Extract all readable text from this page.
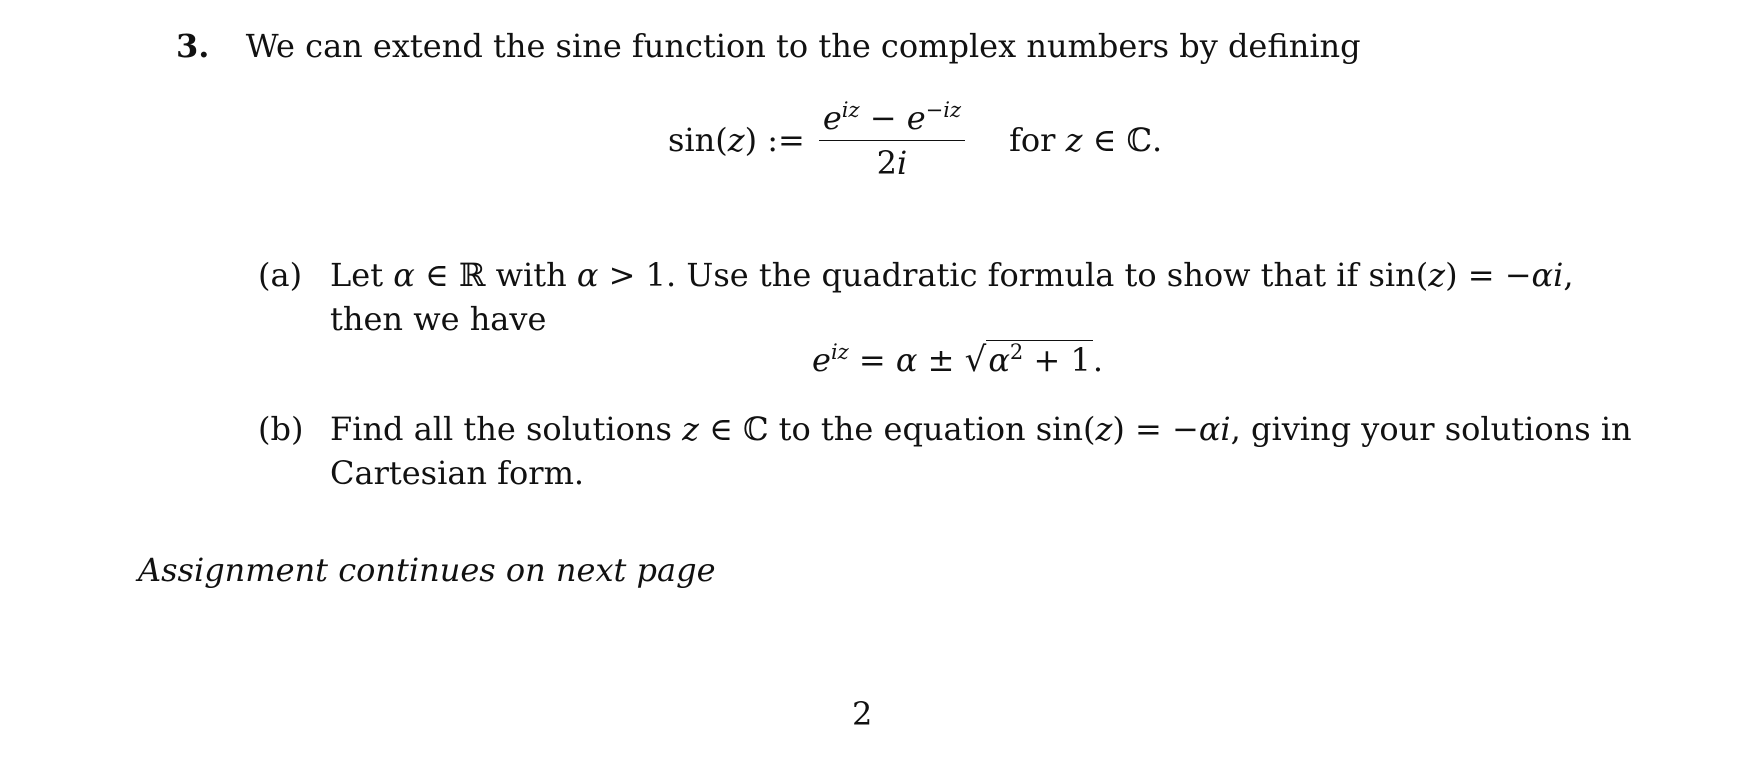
3. We can extend the sine function to the complex numbers by defining
sin(z) := $\frac{e^{iz} - e^{-iz}}{2i}$ for z ∈ ℂ.
(a) Let α ∈ ℝ with α > 1. Use the quadratic formula to show that if sin(z) = −αi,
then we have
$e^{iz} = \alpha \pm √\alpha^2 + 1$.
(b) Find all the solutions z ∈ ℂ to the equation sin(z) = −αi, giving your solutions in
Cartesian form.
Assignment continues on next page
2
